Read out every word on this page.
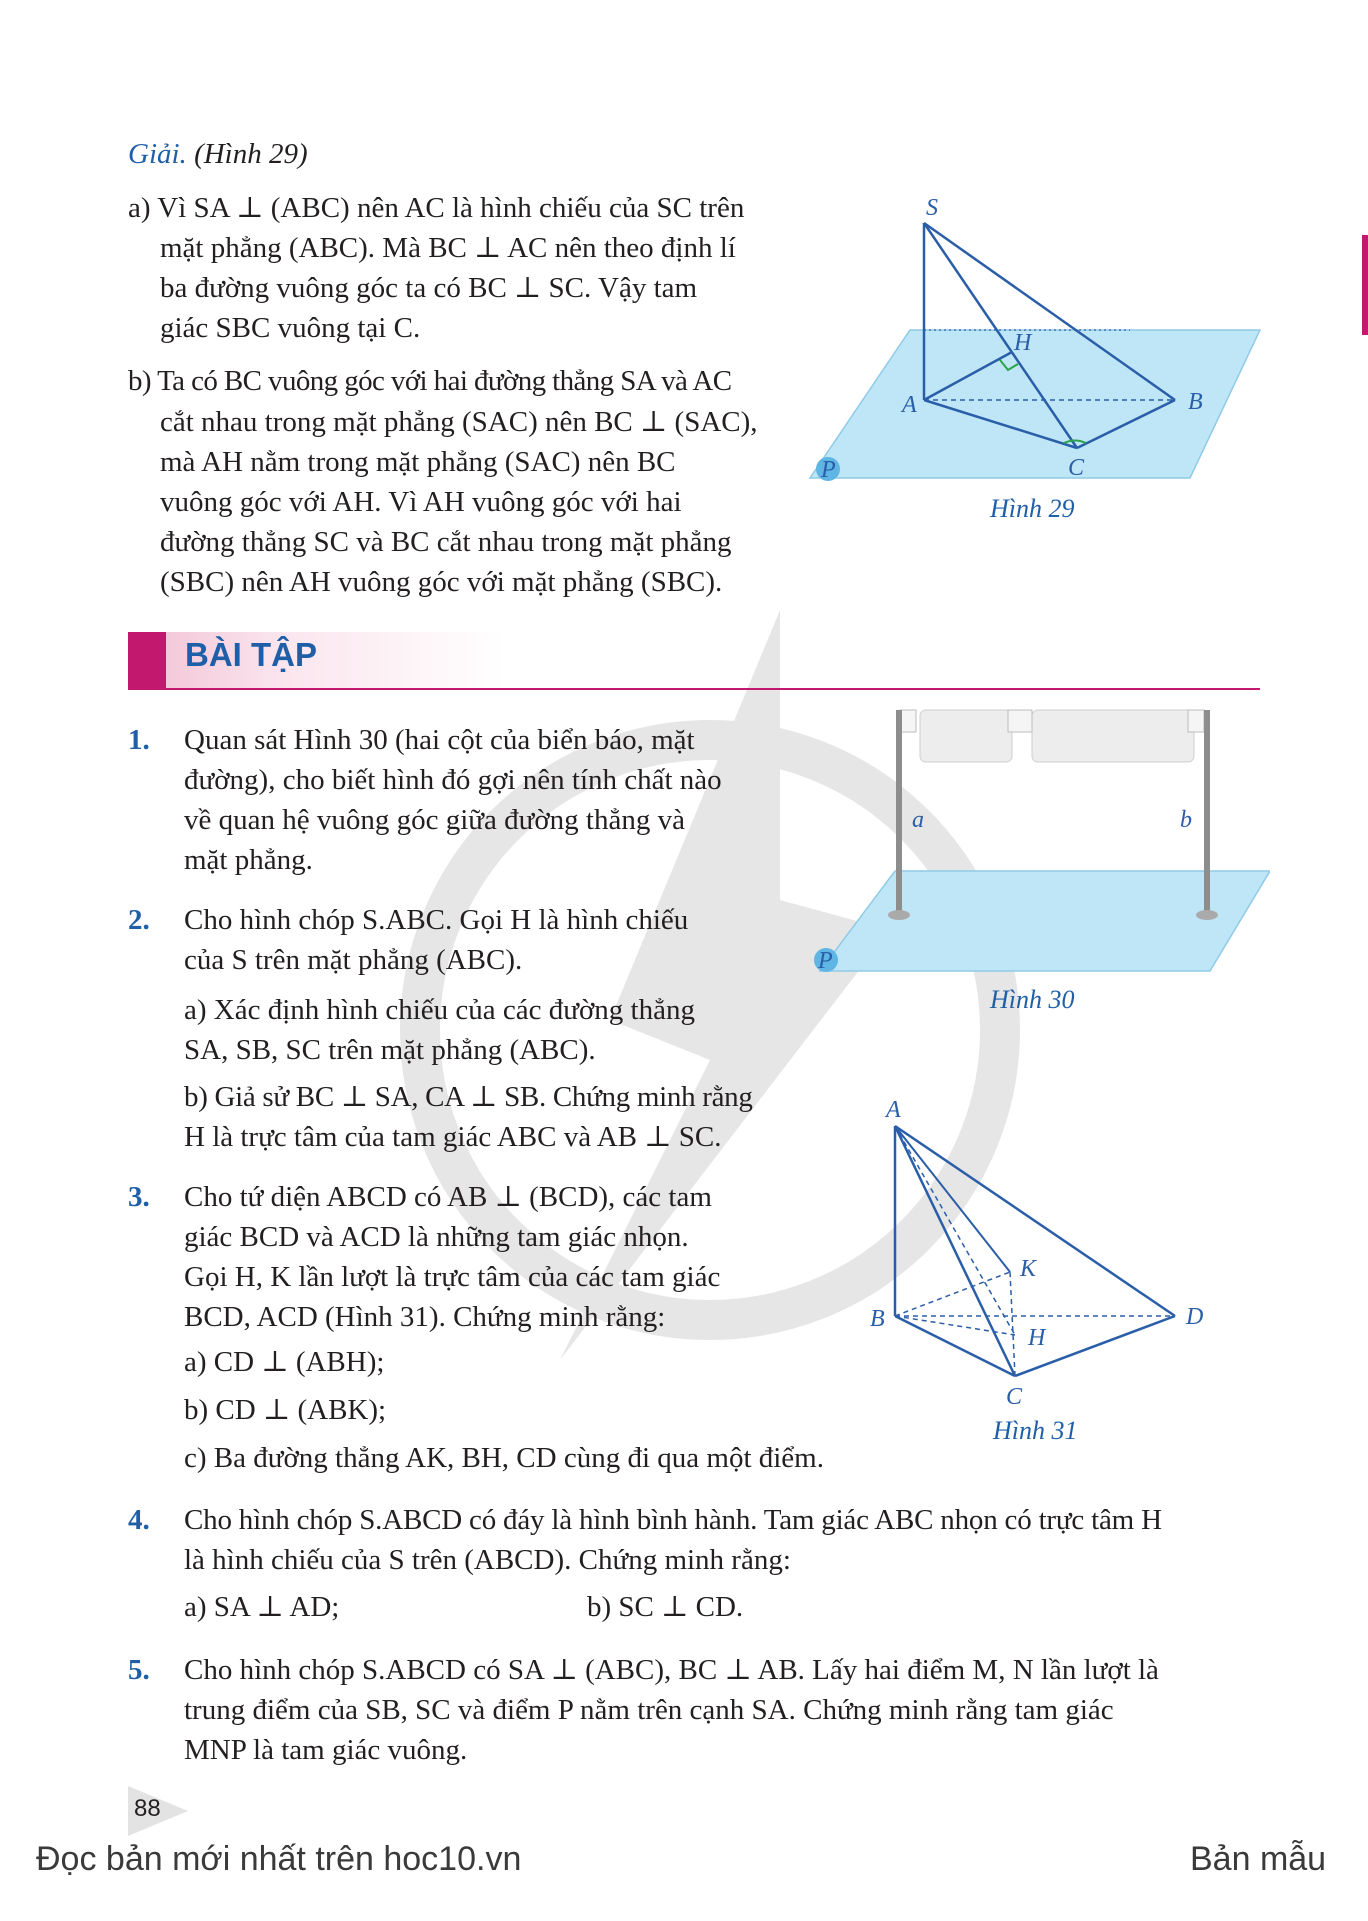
Giải. (Hình 29)
a) Vì SA ⊥ (ABC) nên AC là hình chiếu của SC trên
mặt phẳng (ABC). Mà BC ⊥ AC nên theo định lí
ba đường vuông góc ta có BC ⊥ SC. Vậy tam
giác SBC vuông tại C.
b) Ta có BC vuông góc với hai đường thẳng SA và AC
cắt nhau trong mặt phẳng (SAC) nên BC ⊥ (SAC),
mà AH nằm trong mặt phẳng (SAC) nên BC
vuông góc với AH. Vì AH vuông góc với hai
đường thẳng SC và BC cắt nhau trong mặt phẳng
(SBC) nên AH vuông góc với mặt phẳng (SBC).
S
H
A	B
C
P
Hình 29
BÀI TẬP
1. Quan sát Hình 30 (hai cột của biển báo, mặt
đường), cho biết hình đó gợi nên tính chất nào
về quan hệ vuông góc giữa đường thẳng và
mặt phẳng.
a	b
P
Hình 30
2. Cho hình chóp S.ABC. Gọi H là hình chiếu
của S trên mặt phẳng (ABC).
a) Xác định hình chiếu của các đường thẳng
SA, SB, SC trên mặt phẳng (ABC).
b) Giả sử BC ⊥ SA, CA ⊥ SB. Chứng minh rằng
H là trực tâm của tam giác ABC và AB ⊥ SC.
A
K
B	D
H
C
Hình 31
3. Cho tứ diện ABCD có AB ⊥ (BCD), các tam
giác BCD và ACD là những tam giác nhọn.
Gọi H, K lần lượt là trực tâm của các tam giác
BCD, ACD (Hình 31). Chứng minh rằng:
a) CD ⊥ (ABH);
b) CD ⊥ (ABK);
c) Ba đường thẳng AK, BH, CD cùng đi qua một điểm.
4. Cho hình chóp S.ABCD có đáy là hình bình hành. Tam giác ABC nhọn có trực tâm H
là hình chiếu của S trên (ABCD). Chứng minh rằng:
a) SA ⊥ AD;	b) SC ⊥ CD.
5. Cho hình chóp S.ABCD có SA ⊥ (ABC), BC ⊥ AB. Lấy hai điểm M, N lần lượt là
trung điểm của SB, SC và điểm P nằm trên cạnh SA. Chứng minh rằng tam giác
MNP là tam giác vuông.
88
Đọc bản mới nhất trên hoc10.vn	Bản mẫu
